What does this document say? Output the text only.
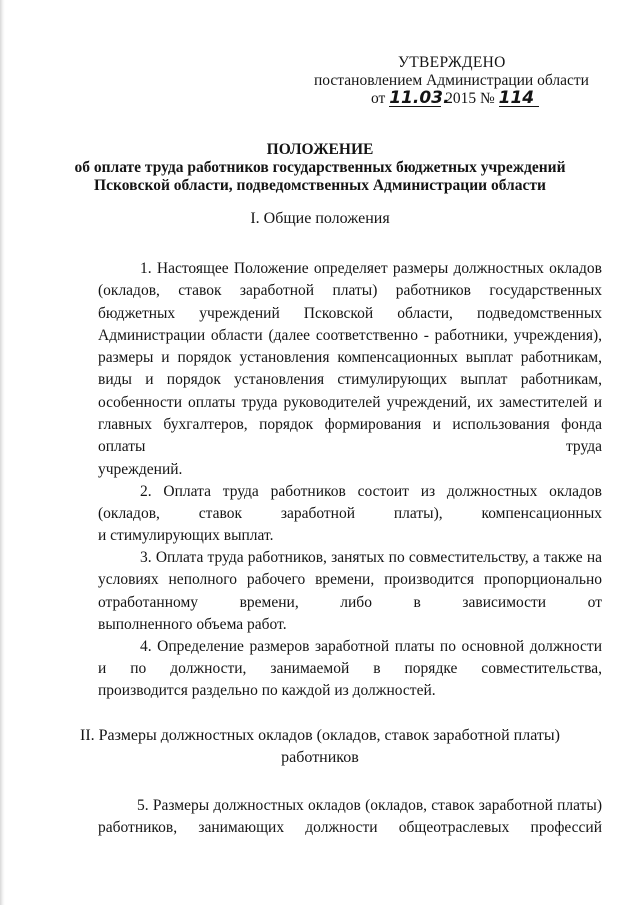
УТВЕРЖДЕНО
постановлением Администрации области
от 11.03. 2015 № 114
ПОЛОЖЕНИЕ
об оплате труда работников государственных бюджетных учреждений
Псковской области, подведомственных Администрации области
I. Общие положения
1. Настоящее Положение определяет размеры должностных окладов (окладов, ставок заработной платы) работников государственных бюджетных учреждений Псковской области, подведомственных Администрации области (далее соответственно - работники, учреждения), размеры и порядок установления компенсационных выплат работникам, виды и порядок установления стимулирующих выплат работникам, особенности оплаты труда руководителей учреждений, их заместителей и главных бухгалтеров, порядок формирования и использования фонда оплаты труда
учреждений.
2. Оплата труда работников состоит из должностных окладов (окладов, ставок заработной платы), компенсационных
и стимулирующих выплат.
3. Оплата труда работников, занятых по совместительству, а также на условиях неполного рабочего времени, производится пропорционально отработанному времени, либо в зависимости от
выполненного объема работ.
4. Определение размеров заработной платы по основной должности и по должности, занимаемой в порядке совместительства,
производится раздельно по каждой из должностей.
II. Размеры должностных окладов (окладов, ставок заработной платы)
работников
5. Размеры должностных окладов (окладов, ставок заработной платы) работников, занимающих должности общеотраслевых профессий
